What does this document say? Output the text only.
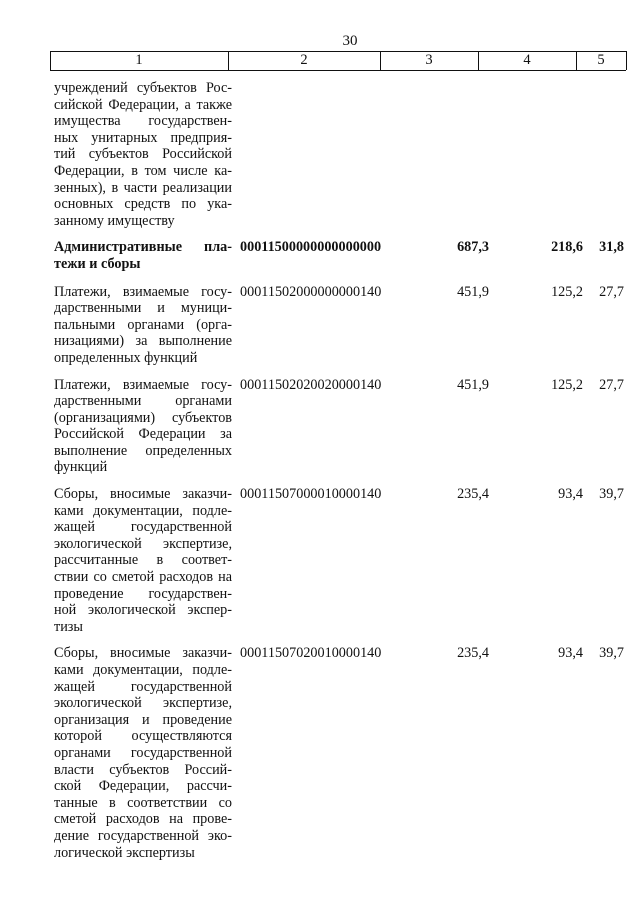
30
1	2	3	4	5
учреждений субъектов Рос-
сийской Федерации, а также
имущества государствен-
ных унитарных предприя-
тий субъектов Российской
Федерации, в том числе ка-
зенных), в части реализации
основных средств по ука-
занному имуществу
Административные пла-
тежи и сборы
00011500000000000000	687,3	218,6	31,8
Платежи, взимаемые госу-
дарственными и муници-
пальными органами (орга-
низациями) за выполнение
определенных функций
00011502000000000140	451,9	125,2	27,7
Платежи, взимаемые госу-
дарственными органами
(организациями) субъектов
Российской Федерации за
выполнение определенных
функций
00011502020020000140	451,9	125,2	27,7
Сборы, вносимые заказчи-
ками документации, подле-
жащей государственной
экологической экспертизе,
рассчитанные в соответ-
ствии со сметой расходов на
проведение государствен-
ной экологической экспер-
тизы
00011507000010000140	235,4	93,4	39,7
Сборы, вносимые заказчи-
ками документации, подле-
жащей государственной
экологической экспертизе,
организация и проведение
которой осуществляются
органами государственной
власти субъектов Россий-
ской Федерации, рассчи-
танные в соответствии со
сметой расходов на прове-
дение государственной эко-
логической экспертизы
00011507020010000140	235,4	93,4	39,7
